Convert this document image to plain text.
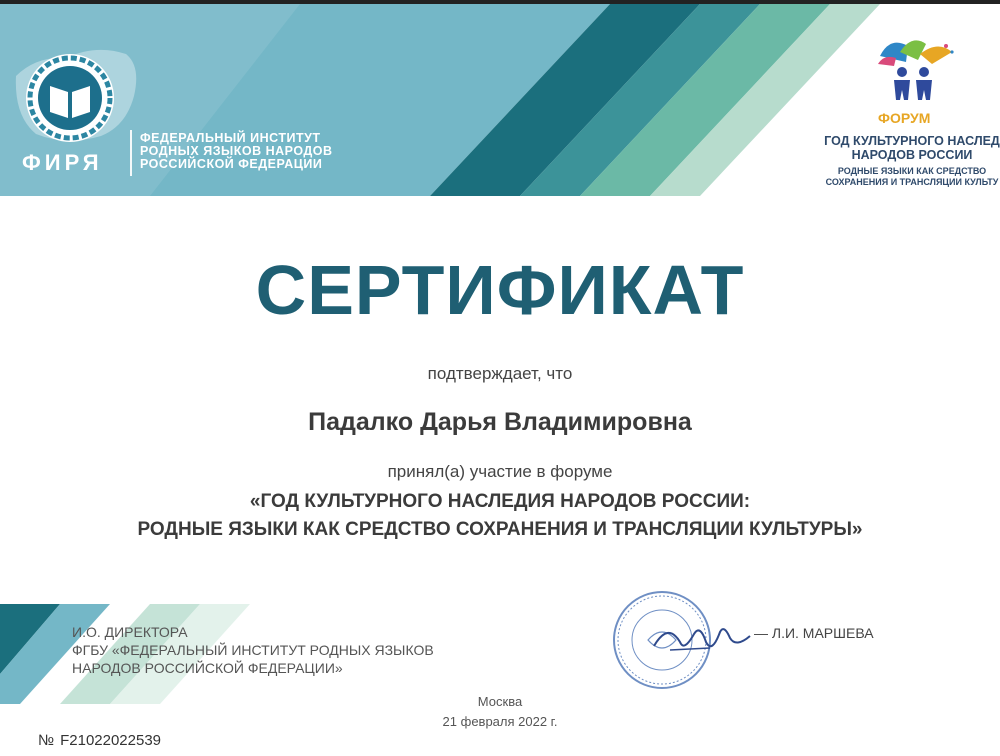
ФИРЯ
ФЕДЕРАЛЬНЫЙ ИНСТИТУТ
РОДНЫХ ЯЗЫКОВ НАРОДОВ
РОССИЙСКОЙ ФЕДЕРАЦИИ
ФОРУМ
ГОД КУЛЬТУРНОГО НАСЛЕД
НАРОДОВ РОССИИ
РОДНЫЕ ЯЗЫКИ КАК СРЕДСТВО
СОХРАНЕНИЯ И ТРАНСЛЯЦИИ КУЛЬТУ
СЕРТИФИКАТ
подтверждает, что
Падалко Дарья Владимировна
принял(а) участие в форуме
«ГОД КУЛЬТУРНОГО НАСЛЕДИЯ НАРОДОВ РОССИИ:
РОДНЫЕ ЯЗЫКИ КАК СРЕДСТВО СОХРАНЕНИЯ И ТРАНСЛЯЦИИ КУЛЬТУРЫ»
И.О. ДИРЕКТОРА
ФГБУ «ФЕДЕРАЛЬНЫЙ ИНСТИТУТ РОДНЫХ ЯЗЫКОВ
НАРОДОВ РОССИЙСКОЙ ФЕДЕРАЦИИ»
— Л.И. МАРШЕВА
Москва
21 февраля 2022 г.
№ F21022022539
